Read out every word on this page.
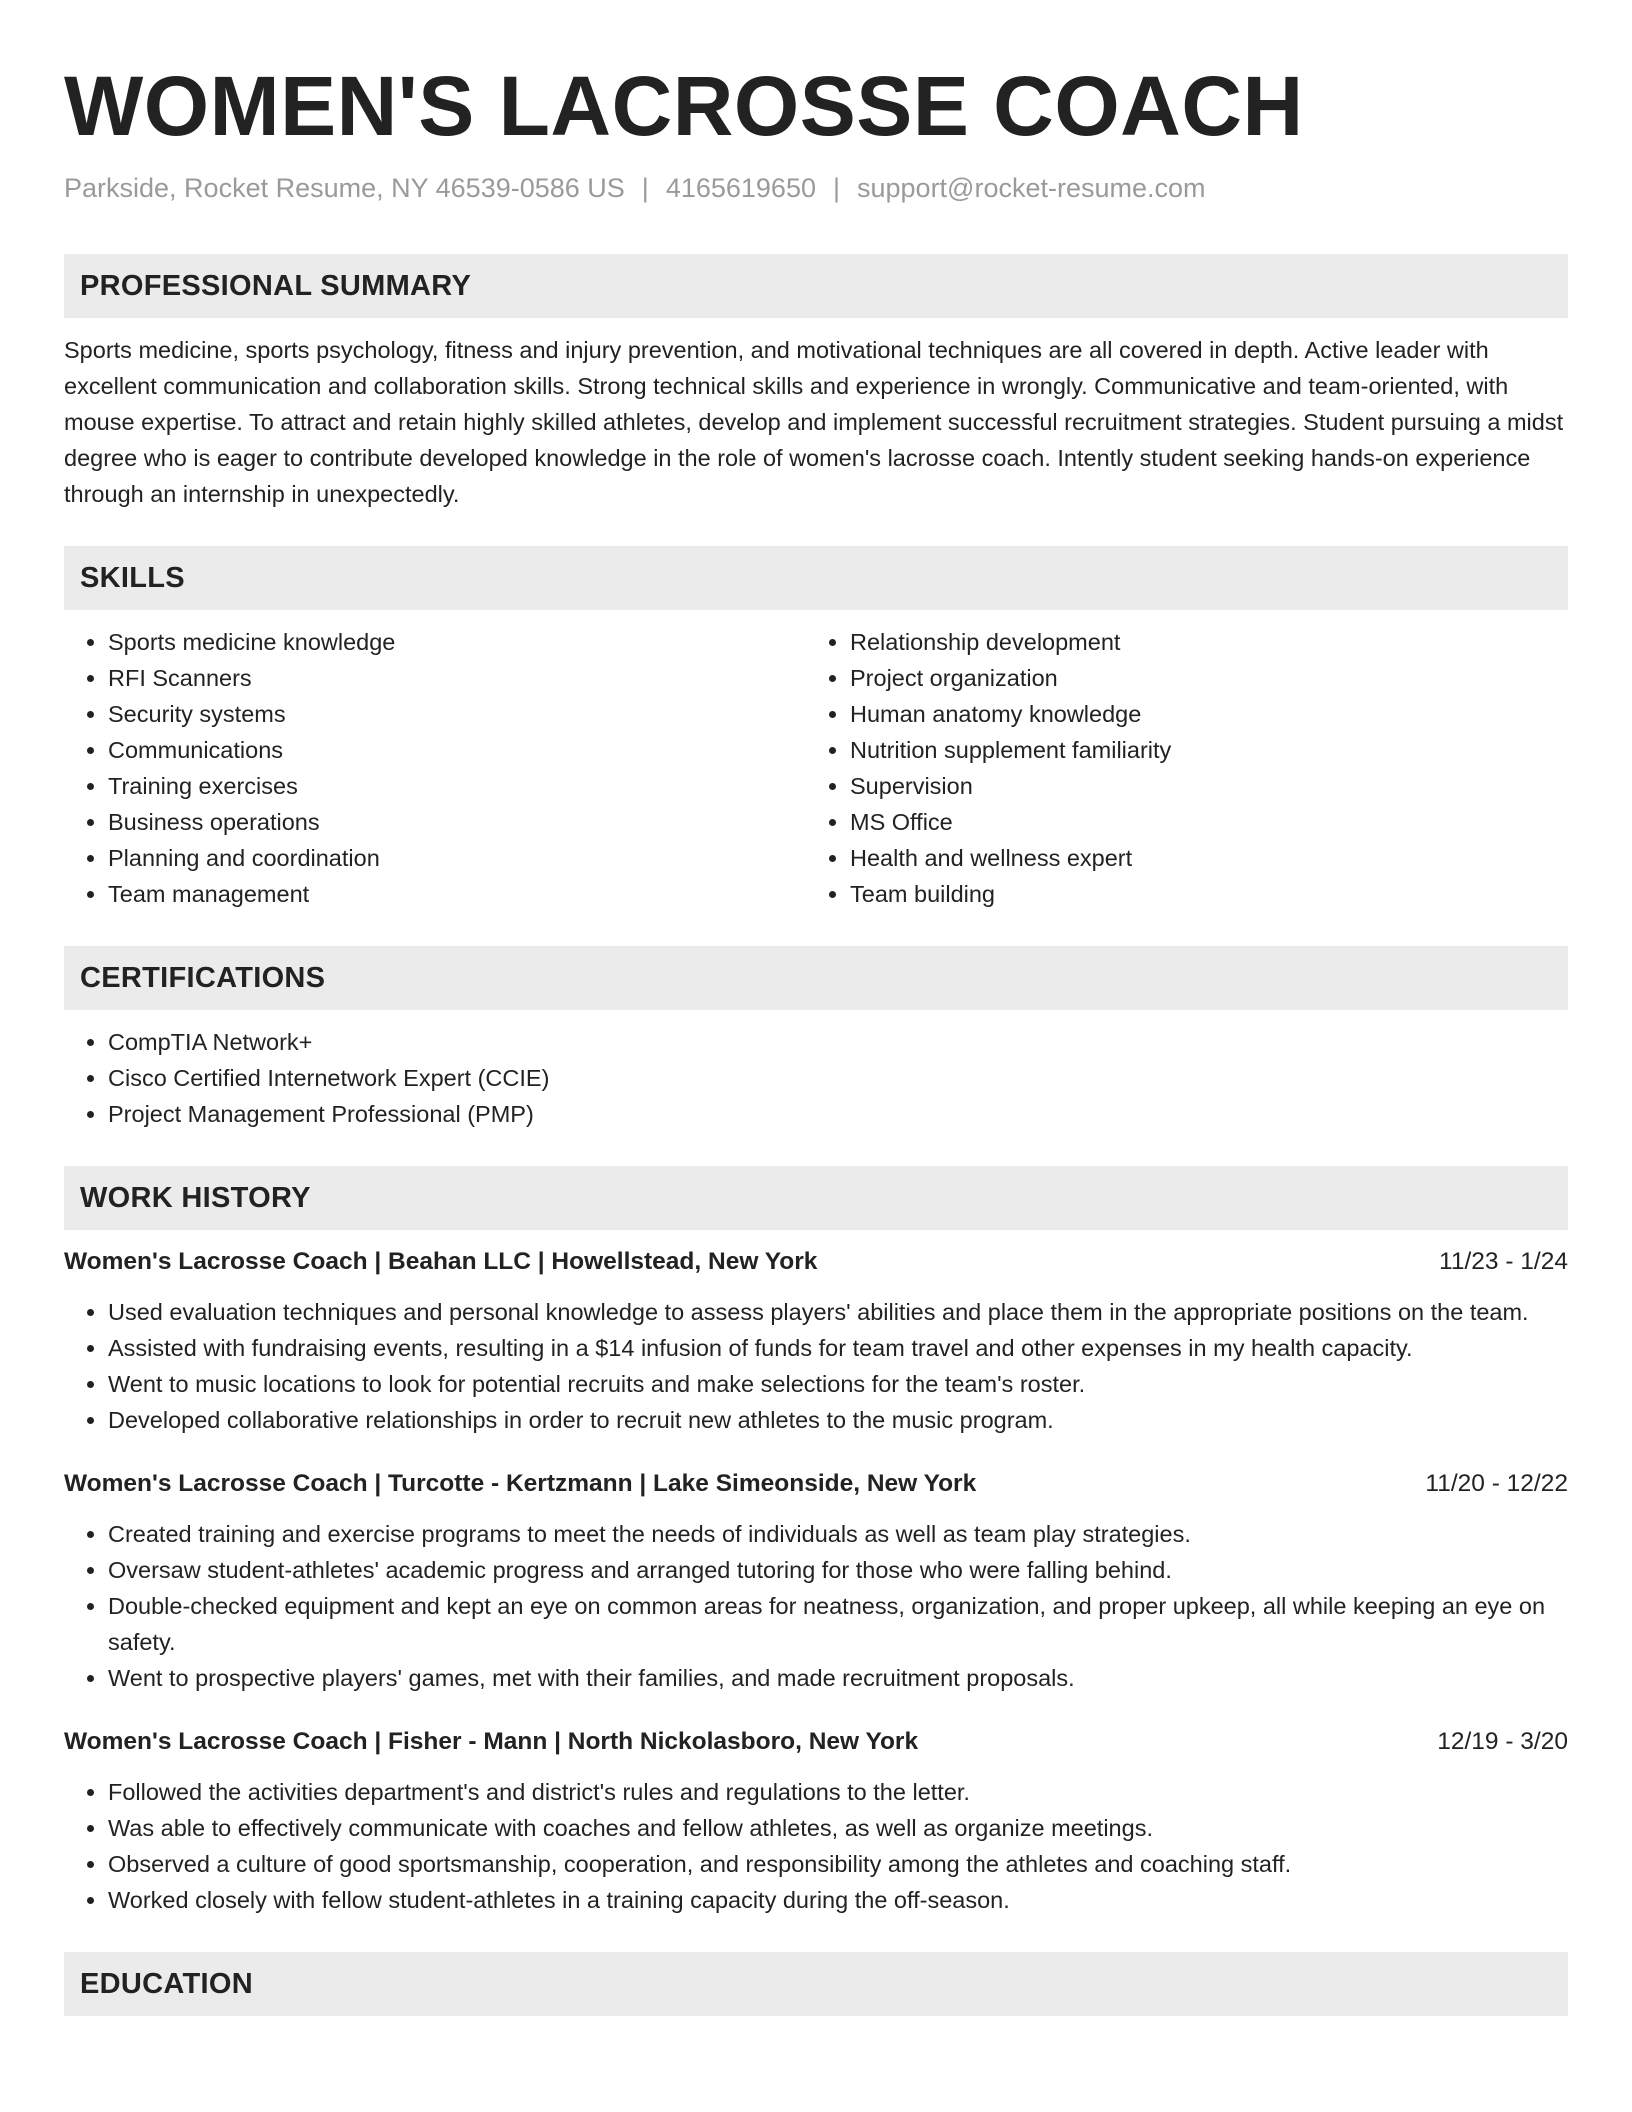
WOMEN'S LACROSSE COACH
Parkside, Rocket Resume, NY 46539-0586 US | 4165619650 | support@rocket-resume.com
PROFESSIONAL SUMMARY

Sports medicine, sports psychology, fitness and injury prevention, and motivational techniques are all covered in depth. Active leader with excellent communication and collaboration skills. Strong technical skills and experience in wrongly. Communicative and team-oriented, with mouse expertise. To attract and retain highly skilled athletes, develop and implement successful recruitment strategies. Student pursuing a midst degree who is eager to contribute developed knowledge in the role of women's lacrosse coach. Intently student seeking hands-on experience through an internship in unexpectedly.

SKILLS
• Sports medicine knowledge
• RFI Scanners
• Security systems
• Communications
• Training exercises
• Business operations
• Planning and coordination
• Team management
• Relationship development
• Project organization
• Human anatomy knowledge
• Nutrition supplement familiarity
• Supervision
• MS Office
• Health and wellness expert
• Team building
CERTIFICATIONS
• CompTIA Network+
• Cisco Certified Internetwork Expert (CCIE)
• Project Management Professional (PMP)
WORK HISTORY
Women's Lacrosse Coach | Beahan LLC | Howellstead, New York	11/23 - 1/24
• Used evaluation techniques and personal knowledge to assess players' abilities and place them in the appropriate positions on the team.
• Assisted with fundraising events, resulting in a $14 infusion of funds for team travel and other expenses in my health capacity.
• Went to music locations to look for potential recruits and make selections for the team's roster.
• Developed collaborative relationships in order to recruit new athletes to the music program.
Women's Lacrosse Coach | Turcotte - Kertzmann | Lake Simeonside, New York	11/20 - 12/22
• Created training and exercise programs to meet the needs of individuals as well as team play strategies.
• Oversaw student-athletes' academic progress and arranged tutoring for those who were falling behind.
• Double-checked equipment and kept an eye on common areas for neatness, organization, and proper upkeep, all while keeping an eye on safety.
• Went to prospective players' games, met with their families, and made recruitment proposals.
Women's Lacrosse Coach | Fisher - Mann | North Nickolasboro, New York	12/19 - 3/20
• Followed the activities department's and district's rules and regulations to the letter.
• Was able to effectively communicate with coaches and fellow athletes, as well as organize meetings.
• Observed a culture of good sportsmanship, cooperation, and responsibility among the athletes and coaching staff.
• Worked closely with fellow student-athletes in a training capacity during the off-season.
EDUCATION
